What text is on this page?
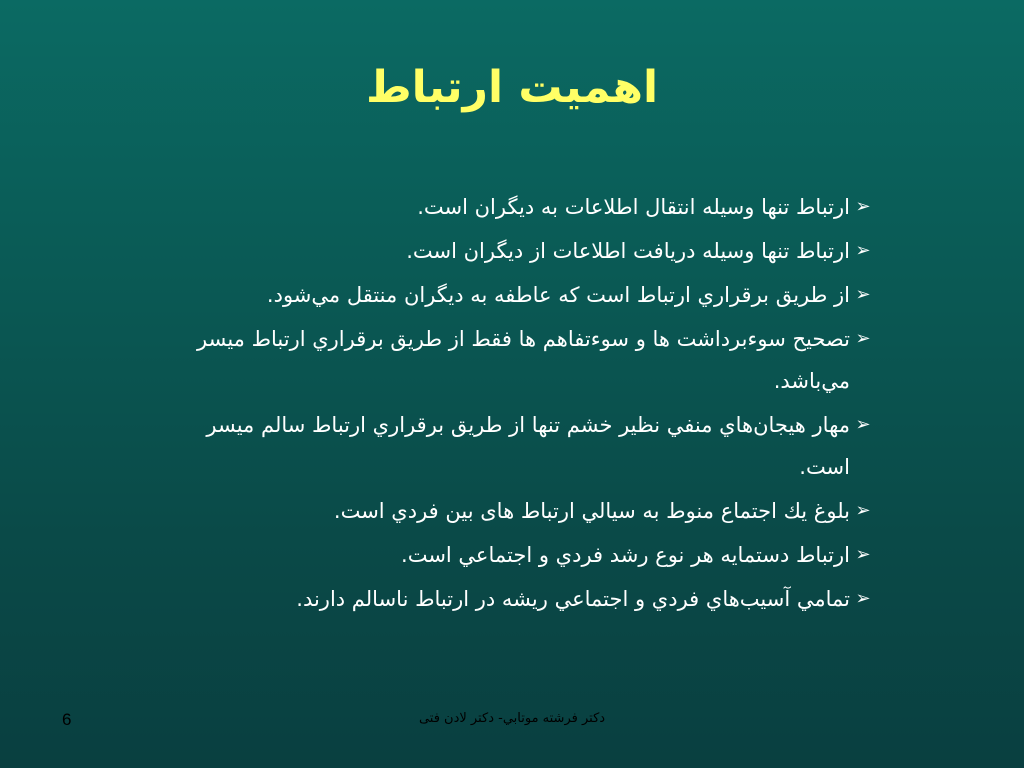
اهميت ارتباط
➢
ارتباط تنها وسيله انتقال اطلاعات به ديگران است.
➢
ارتباط تنها وسيله دريافت اطلاعات از ديگران است.
➢
از طريق برقراري ارتباط است كه عاطفه به ديگران منتقل مي‌شود.
➢
تصحيح سوءبرداشت ها و سوءتفاهم ها فقط از طريق برقراري ارتباط ميسر مي‌باشد.
➢
مهار هيجان‌هاي منفي نظير خشم تنها از طريق برقراري ارتباط سالم ميسر است.
➢
بلوغ يك اجتماع منوط به سيالي ارتباط های بين فردي است.
➢
ارتباط دستمايه هر نوع رشد فردي و اجتماعي است.
➢
تمامي آسيب‌هاي فردي و اجتماعي ريشه در ارتباط ناسالم دارند.
دكتر فرشته موتابي- دكتر لادن فتی
6
